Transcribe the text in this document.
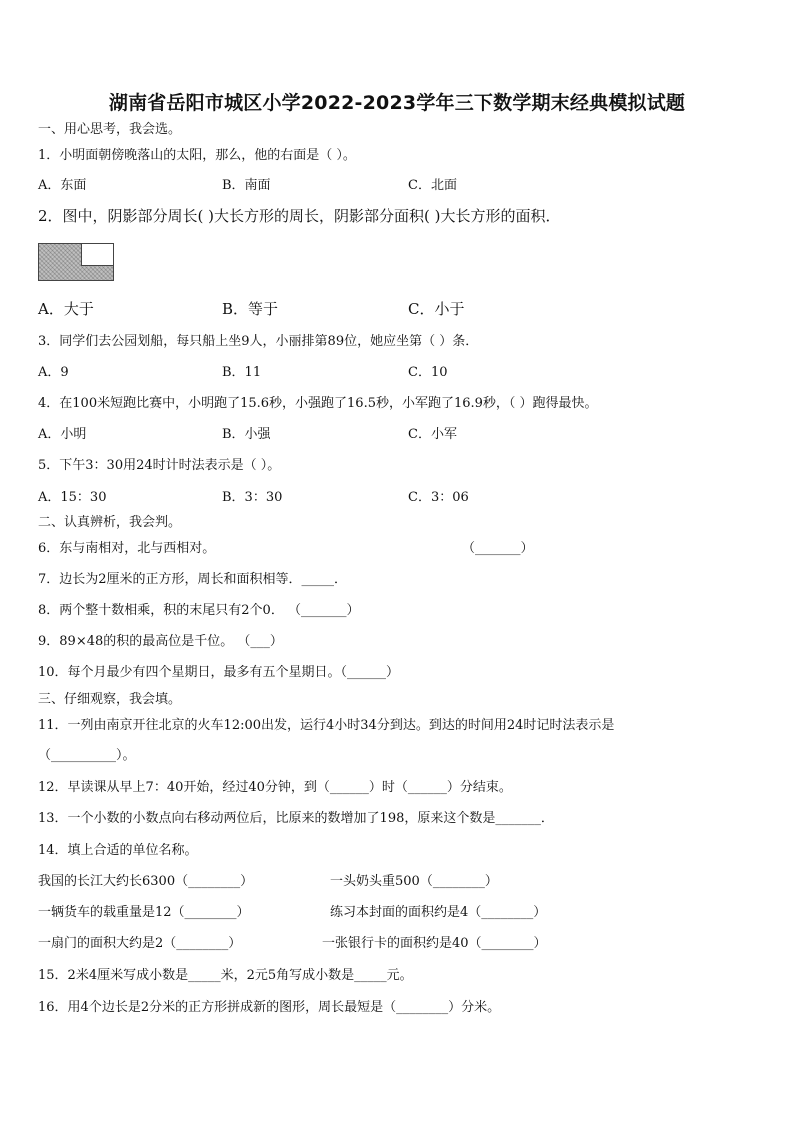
湖南省岳阳市城区小学2022-2023学年三下数学期末经典模拟试题
一、用心思考，我会选。
1．小明面朝傍晚落山的太阳，那么，他的右面是（ ）。
A．东面	B．南面	C．北面
2．图中，阴影部分周长( )大长方形的周长，阴影部分面积( )大长方形的面积．
A．大于	B．等于	C．小于
3．同学们去公园划船，每只船上坐9人，小丽排第89位，她应坐第（ ）条．
A．9	B．11	C．10
4．在100米短跑比赛中，小明跑了15.6秒，小强跑了16.5秒，小军跑了16.9秒，（ ）跑得最快。
A．小明	B．小强	C．小军
5．下午3：30用24时计时法表示是（ ）。
A．15：30	B．3：30	C．3：06
二、认真辨析，我会判。
6．东与南相对，北与西相对。	（_______）
7．边长为2厘米的正方形，周长和面积相等．_____．
8．两个整十数相乘，积的末尾只有2个0． （_______）
9．89×48的积的最高位是千位。 （___）
10．每个月最少有四个星期日，最多有五个星期日。（______）
三、仔细观察，我会填。
11．一列由南京开往北京的火车12:00出发，运行4小时34分到达。到达的时间用24时记时法表示是
（__________）。
12．早读课从早上7：40开始，经过40分钟，到（______）时（______）分结束。
13．一个小数的小数点向右移动两位后，比原来的数增加了198，原来这个数是_______．
14．填上合适的单位名称。
我国的长江大约长6300（________）	一头奶头重500（________）
一辆货车的载重量是12（________）	练习本封面的面积约是4（________）
一扇门的面积大约是2（________）	一张银行卡的面积约是40（________）
15．2米4厘米写成小数是_____米，2元5角写成小数是_____元。
16．用4个边长是2分米的正方形拼成新的图形，周长最短是（________）分米。
